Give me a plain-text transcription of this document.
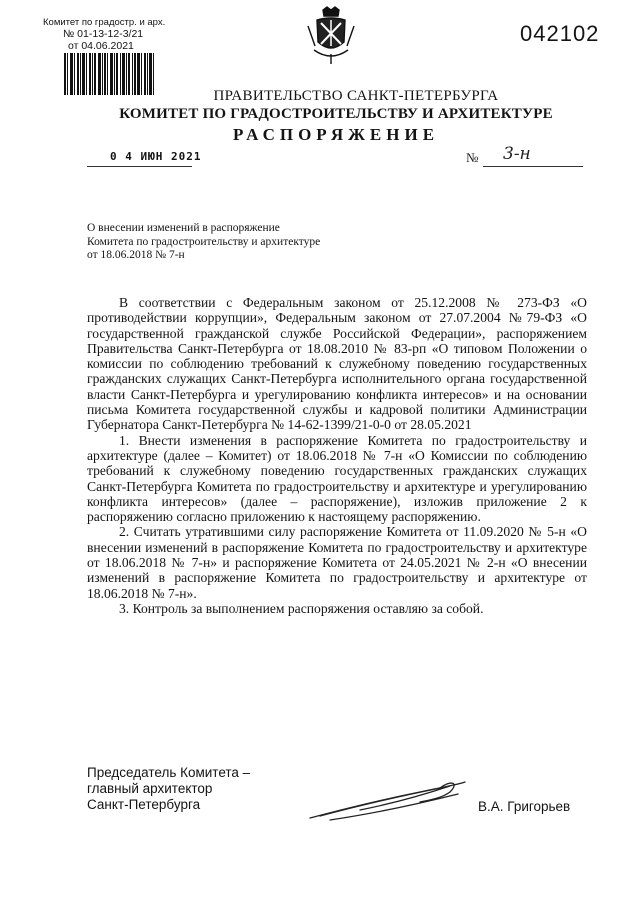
Комитет по градостр. и арх.
№ 01-13-12-3/21
от 04.06.2021	042102
ПРАВИТЕЛЬСТВО САНКТ-ПЕТЕРБУРГА
КОМИТЕТ ПО ГРАДОСТРОИТЕЛЬСТВУ И АРХИТЕКТУРЕ
РАСПОРЯЖЕНИЕ
0 4 ИЮН 2021	№ 3-н
О внесении изменений в распоряжение
Комитета по градостроительству и архитектуре
от 18.06.2018 № 7-н

В соответствии с Федеральным законом от 25.12.2008 № 273-ФЗ «О противодействии коррупции», Федеральным законом от 27.07.2004 №79-ФЗ «О государственной гражданской службе Российской Федерации», распоряжением Правительства Санкт-Петербурга от 18.08.2010 № 83-рп «О типовом Положении о комиссии по соблюдению требований к служебному поведению государственных гражданских служащих Санкт-Петербурга исполнительного органа государственной власти Санкт-Петербурга и урегулированию конфликта интересов» и на основании письма Комитета государственной службы и кадровой политики Администрации Губернатора Санкт-Петербурга № 14-62-1399/21-0-0 от 28.05.2021

1. Внести изменения в распоряжение Комитета по градостроительству и архитектуре (далее – Комитет) от 18.06.2018 № 7-н «О Комиссии по соблюдению требований к служебному поведению государственных гражданских служащих Санкт-Петербурга Комитета по градостроительству и архитектуре и урегулированию конфликта интересов» (далее – распоряжение), изложив приложение 2 к распоряжению согласно приложению к настоящему распоряжению.

2. Считать утратившими силу распоряжение Комитета от 11.09.2020 № 5-н «О внесении изменений в распоряжение Комитета по градостроительству и архитектуре от 18.06.2018 № 7-н» и распоряжение Комитета от 24.05.2021 № 2-н «О внесении изменений в распоряжение Комитета по градостроительству и архитектуре от 18.06.2018 № 7-н».

3. Контроль за выполнением распоряжения оставляю за собой.

Председатель Комитета –
главный архитектор
Санкт-Петербурга	В.А. Григорьев
